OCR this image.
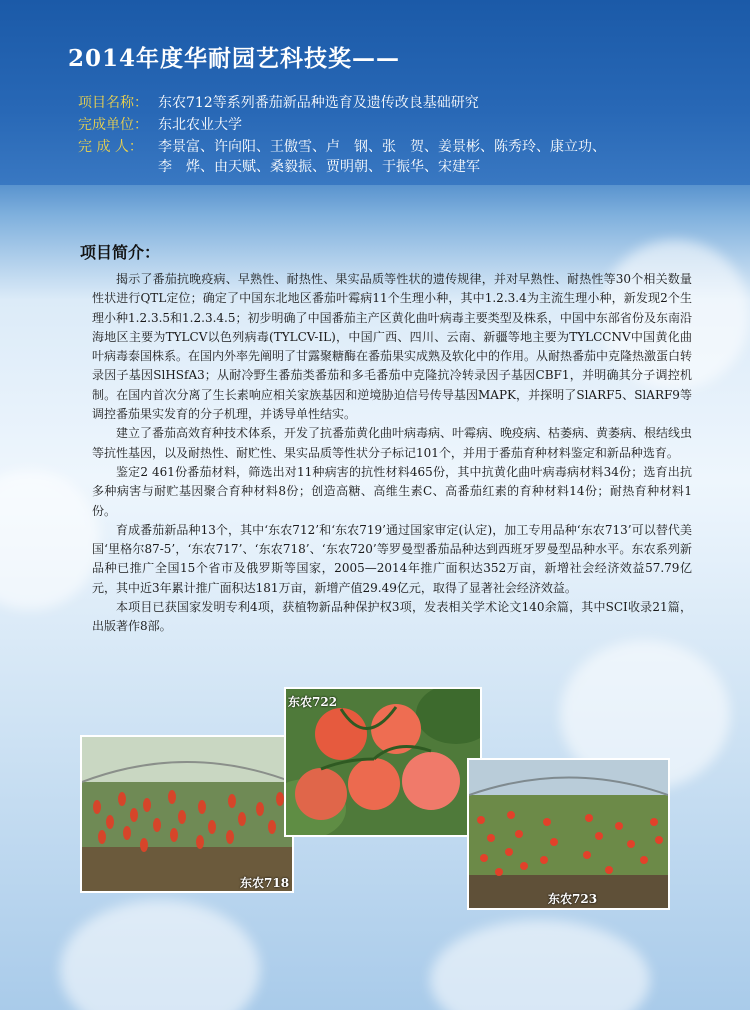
2014年度华耐园艺科技奖——
项目名称： 东农712等系列番茄新品种选育及遗传改良基础研究
完成单位： 东北农业大学
完 成 人： 李景富、许向阳、王傲雪、卢　钢、张　贺、姜景彬、陈秀玲、康立功、
李　烨、由天赋、桑毅振、贾明朝、于振华、宋建军
项目简介：

揭示了番茄抗晚疫病、早熟性、耐热性、果实品质等性状的遗传规律，并对早熟性、耐热性等30个相关数量性状进行QTL定位；确定了中国东北地区番茄叶霉病11个生理小种，其中1.2.3.4为主流生理小种，新发现2个生理小种1.2.3.5和1.2.3.4.5；初步明确了中国番茄主产区黄化曲叶病毒主要类型及株系，中国中东部省份及东南沿海地区主要为TYLCV以色列病毒(TYLCV-IL)，中国广西、四川、云南、新疆等地主要为TYLCCNV中国黄化曲叶病毒泰国株系。在国内外率先阐明了甘露聚糖酶在番茄果实成熟及软化中的作用。从耐热番茄中克隆热激蛋白转录因子基因SlHSfA3；从耐冷野生番茄类番茄和多毛番茄中克隆抗冷转录因子基因CBF1，并明确其分子调控机制。在国内首次分离了生长素响应相关家族基因和逆境胁迫信号传导基因MAPK，并探明了SlARF5、SlARF9等调控番茄果实发育的分子机理，并诱导单性结实。

建立了番茄高效育种技术体系，开发了抗番茄黄化曲叶病毒病、叶霉病、晚疫病、枯萎病、黄萎病、根结线虫等抗性基因，以及耐热性、耐贮性、果实品质等性状分子标记101个，并用于番茄育种材料鉴定和新品种选育。

鉴定2 461份番茄材料，筛选出对11种病害的抗性材料465份，其中抗黄化曲叶病毒病材料34份；选育出抗多种病害与耐贮基因聚合育种材料8份；创造高糖、高维生素C、高番茄红素的育种材料14份；耐热育种材料1份。

育成番茄新品种13个，其中‘东农712’和‘东农719’通过国家审定(认定)，加工专用品种‘东农713’可以替代美国‘里格尔87-5’，‘东农717’、‘东农718’、‘东农720’等罗曼型番茄品种达到西班牙罗曼型品种水平。东农系列新品种已推广全国15个省市及俄罗斯等国家，2005—2014年推广面积达352万亩，新增社会经济效益57.79亿元，其中近3年累计推广面积达181万亩，新增产值29.49亿元，取得了显著社会经济效益。

本项目已获国家发明专利4项，获植物新品种保护权3项，发表相关学术论文140余篇，其中SCI收录21篇，出版著作8部。

东农718
东农722
东农723
